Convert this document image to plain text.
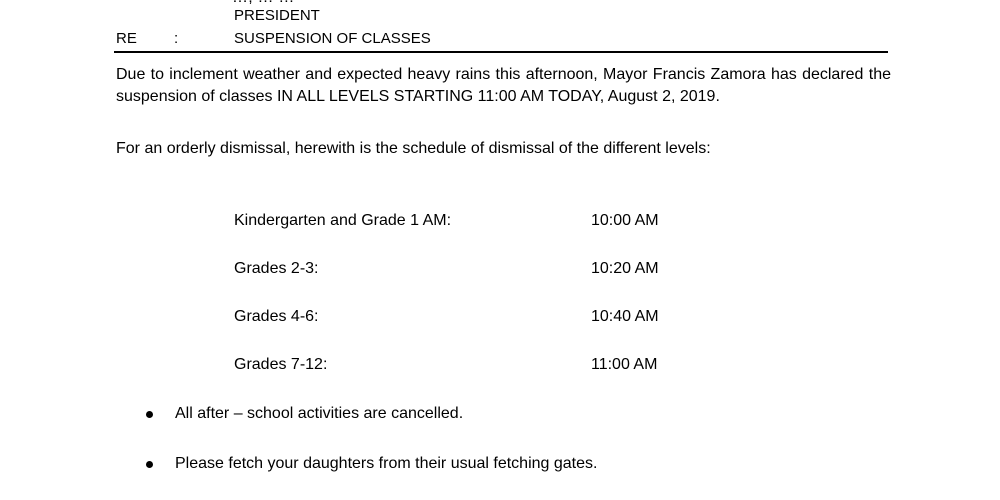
PRESIDENT
RE :	SUSPENSION OF CLASSES
Due to inclement weather and expected heavy rains this afternoon, Mayor Francis Zamora has declared the suspension of classes IN ALL LEVELS STARTING 11:00 AM TODAY, August 2, 2019.
For an orderly dismissal, herewith is the schedule of dismissal of the different levels:
Kindergarten and Grade 1 AM:	10:00 AM
Grades 2-3:	10:20 AM
Grades 4-6:	10:40 AM
Grades 7-12:	11:00 AM
All after – school activities are cancelled.
Please fetch your daughters from their usual fetching gates.
